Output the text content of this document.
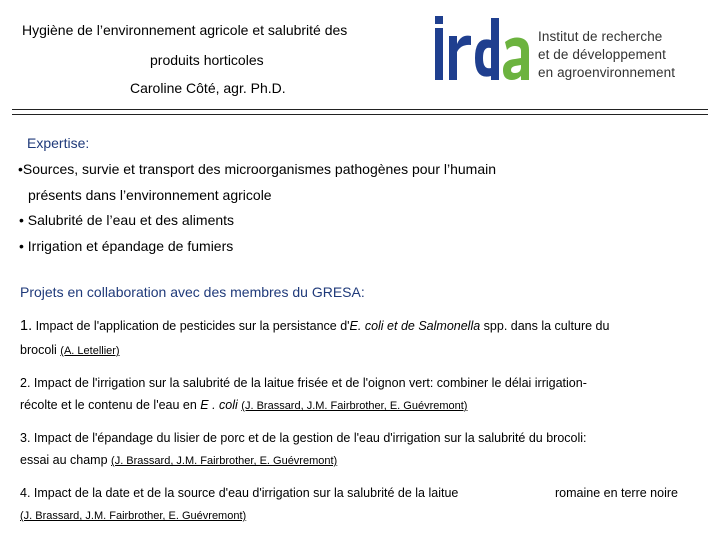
Hygiène de l’environnement agricole et salubrité des
produits horticoles
Caroline Côté, agr. Ph.D.
Institut de recherche
et de développement
en agroenvironnement
Expertise:
•Sources, survie et transport des microorganismes pathogènes pour l’humain
présents dans l’environnement agricole
• Salubrité de l’eau et des aliments
• Irrigation et épandage de fumiers
Projets en collaboration avec des membres du GRESA:
1. Impact de l'application de pesticides sur la persistance d'E. coli et de Salmonella spp. dans la culture du
brocoli (A. Letellier)
2. Impact de l'irrigation sur la salubrité de la laitue frisée et de l'oignon vert: combiner le délai irrigation-
récolte et le contenu de l'eau en E . coli (J. Brassard, J.M. Fairbrother, E. Guévremont)
3. Impact de l'épandage du lisier de porc et de la gestion de l'eau d'irrigation sur la salubrité du brocoli:
essai au champ (J. Brassard, J.M. Fairbrother, E. Guévremont)
4. Impact de la date et de la source d'eau d'irrigation sur la salubrité de la laitue	romaine en terre noire
(J. Brassard, J.M. Fairbrother, E. Guévremont)
